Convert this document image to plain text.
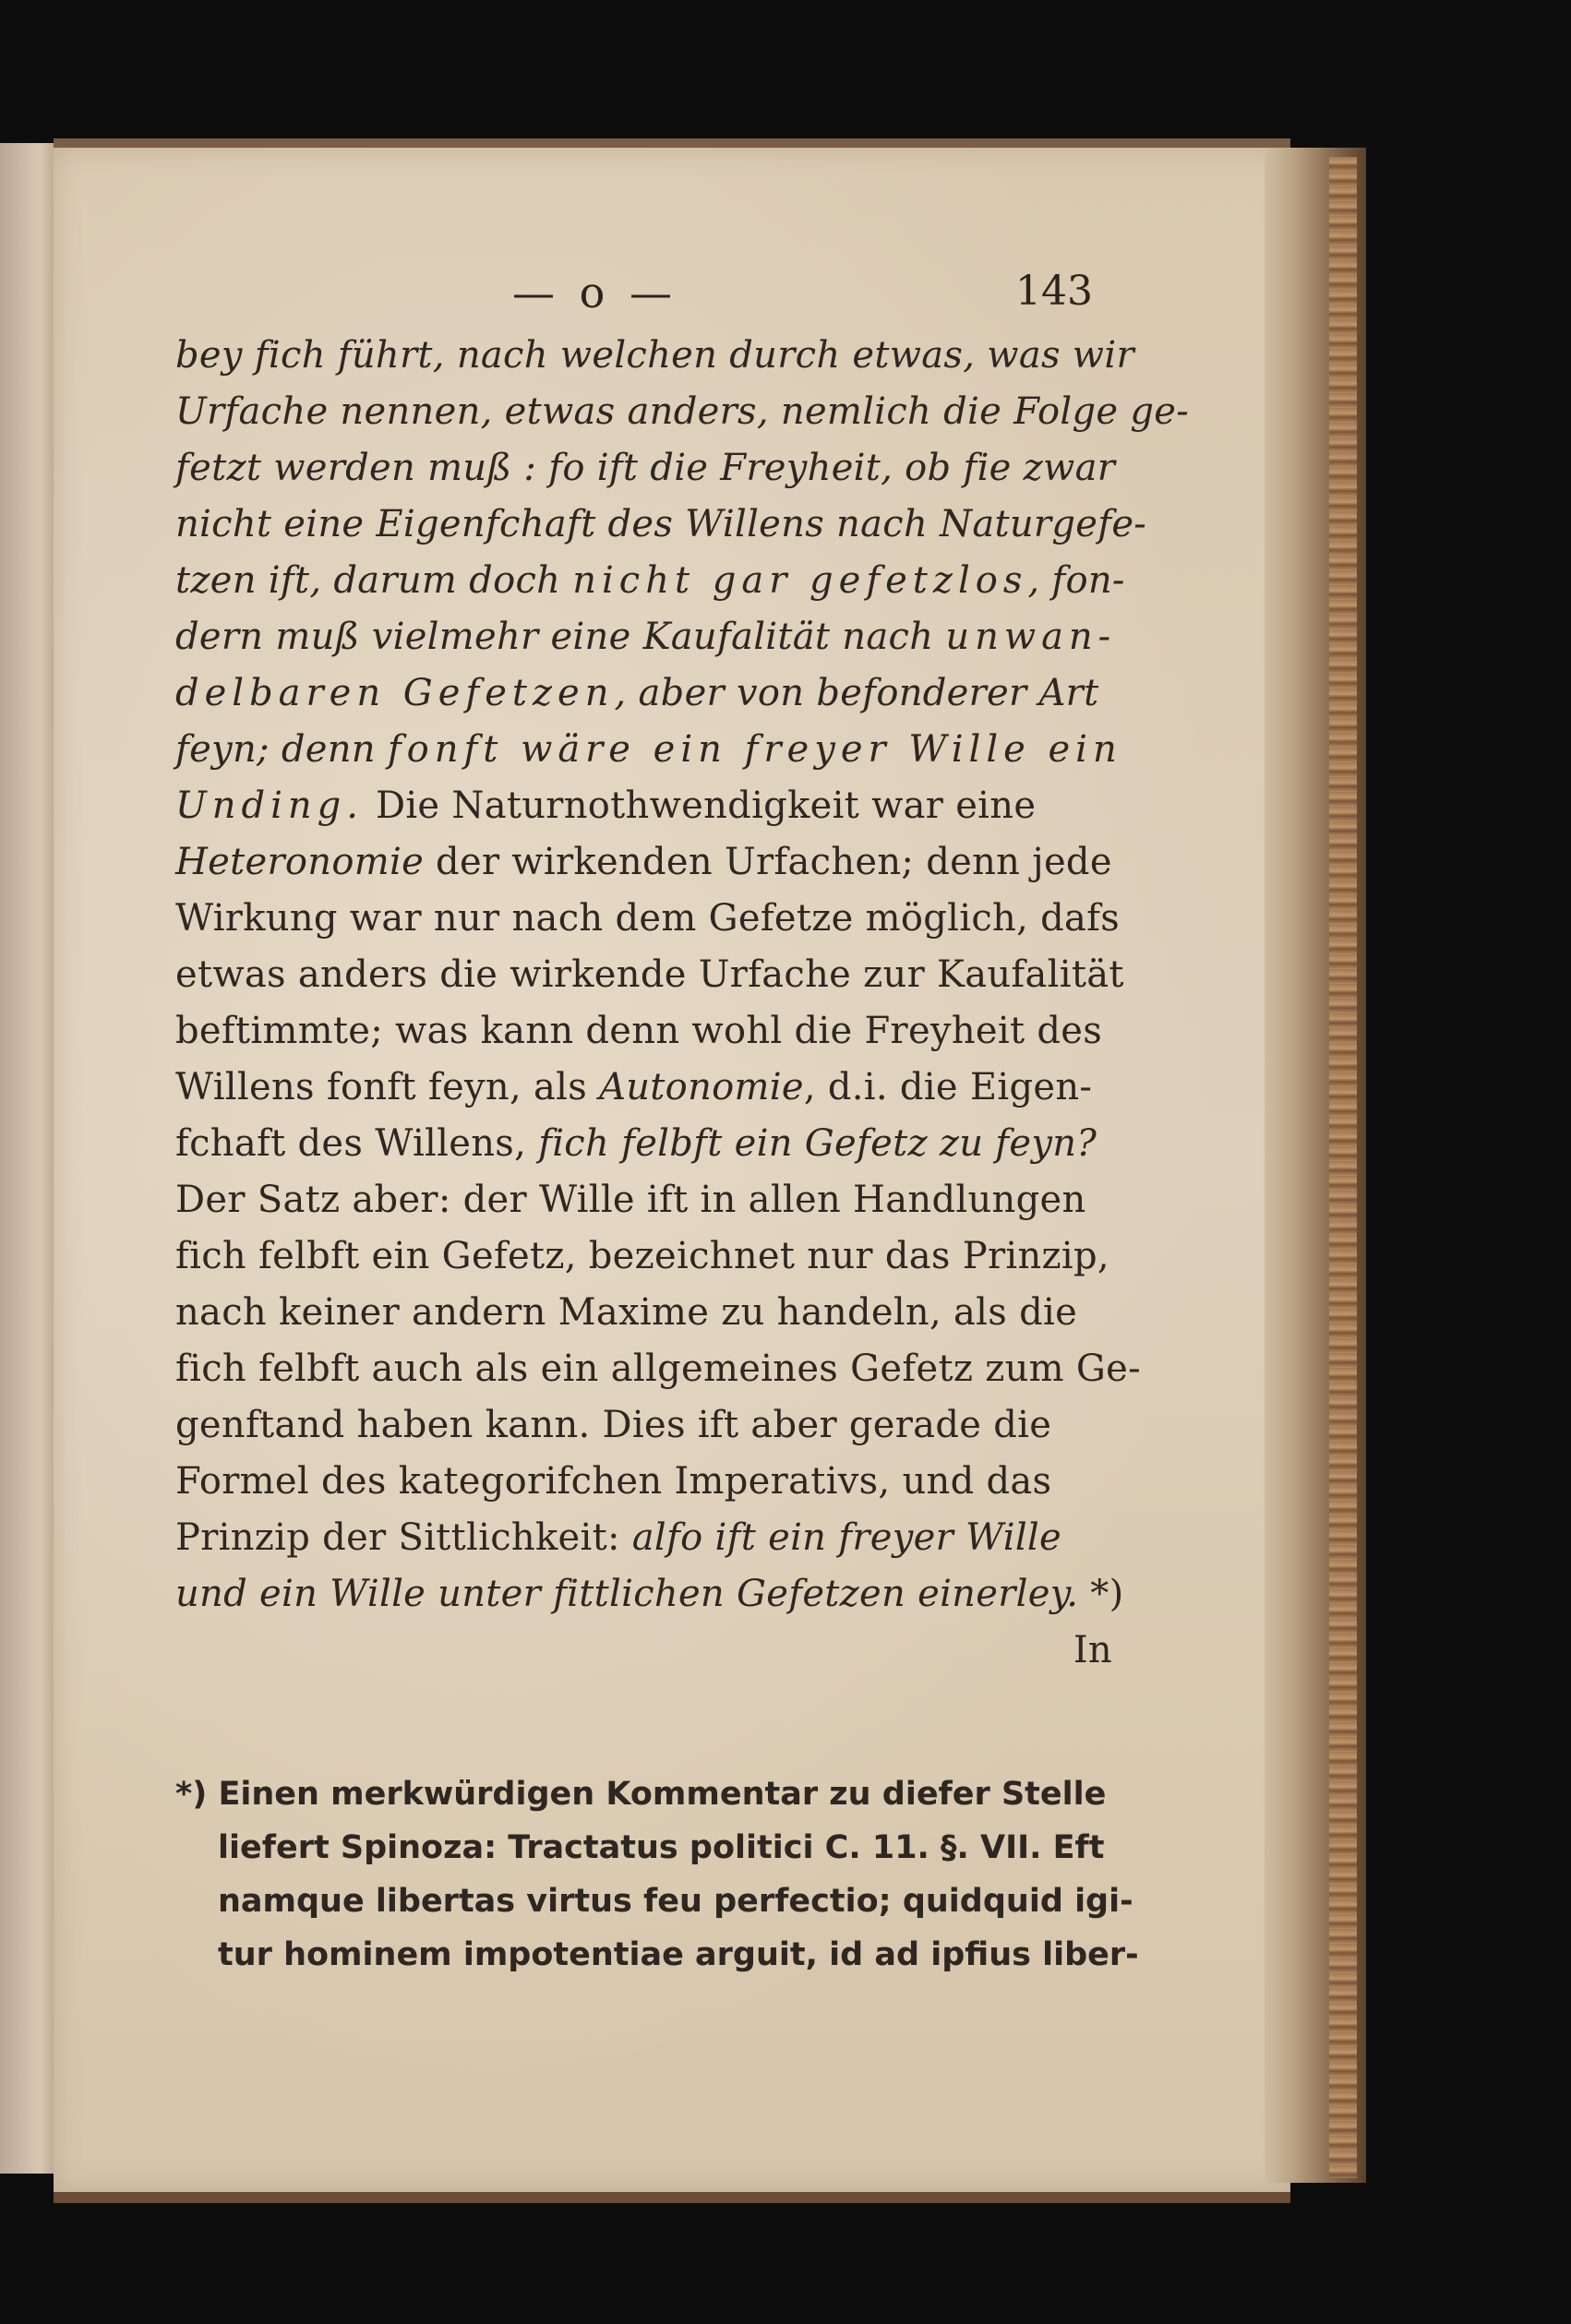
— o —	143
bey fich führt, nach welchen durch etwas, was wir
Urfache nennen, etwas anders, nemlich die Folge ge-
fetzt werden muß : fo ift die Freyheit, ob fie zwar
nicht eine Eigenfchaft des Willens nach Naturgefe-
tzen ift, darum doch nicht gar gefetzlos, fon-
dern muß vielmehr eine Kaufalität nach unwan-
delbaren Gefetzen, aber von befonderer Art
feyn; denn fonft wäre ein freyer Wille ein
Unding. Die Naturnothwendigkeit war eine
Heteronomie der wirkenden Urfachen; denn jede
Wirkung war nur nach dem Gefetze möglich, dafs
etwas anders die wirkende Urfache zur Kaufalität
beftimmte; was kann denn wohl die Freyheit des
Willens fonft feyn, als Autonomie, d.i. die Eigen-
fchaft des Willens, fich felbft ein Gefetz zu feyn?
Der Satz aber: der Wille ift in allen Handlungen
fich felbft ein Gefetz, bezeichnet nur das Prinzip,
nach keiner andern Maxime zu handeln, als die
fich felbft auch als ein allgemeines Gefetz zum Ge-
genftand haben kann. Dies ift aber gerade die
Formel des kategorifchen Imperativs, und das
Prinzip der Sittlichkeit: alfo ift ein freyer Wille
und ein Wille unter fittlichen Gefetzen einerley. *)
In
*) Einen merkwürdigen Kommentar zu diefer Stelle
liefert Spinoza: Tractatus politici C. 11. §. VII. Eft
namque libertas virtus feu perfectio; quidquid igi-
tur hominem impotentiae arguit, id ad ipfius liber-
